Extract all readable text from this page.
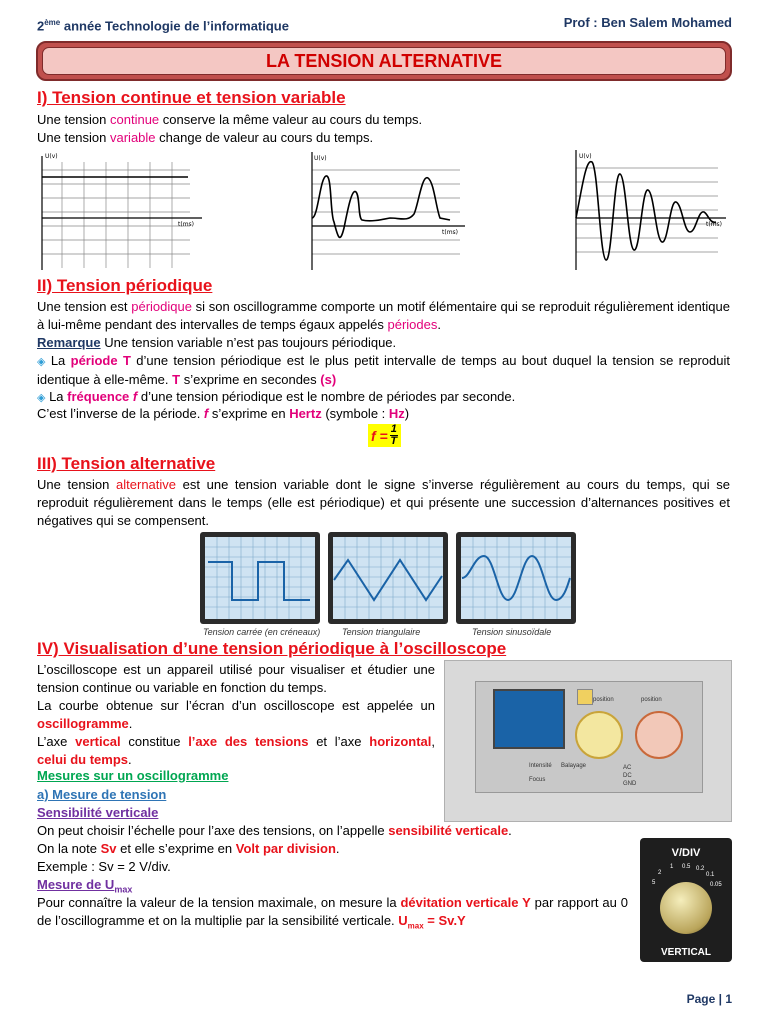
2ème année Technologie de l’informatique	Prof : Ben Salem Mohamed
LA TENSION ALTERNATIVE
I) Tension continue et tension variable
Une tension continue conserve la même valeur au cours du temps.
Une tension variable change de valeur au cours du temps.
U(v)
t(ms)
U(v)
t(ms)
U(v)
t(ms)
II) Tension périodique
Une tension est périodique si son oscillogramme comporte un motif élémentaire qui se reproduit régulièrement identique à lui-même pendant des intervalles de temps égaux appelés périodes.
Remarque Une tension variable n’est pas toujours périodique.
◈ La période T d’une tension périodique est le plus petit intervalle de temps au bout duquel la tension se reproduit identique à elle-même. T s’exprime en secondes (s)
◈ La fréquence f d’une tension périodique est le nombre de périodes par seconde.
C’est l’inverse de la période. f s’exprime en Hertz (symbole : Hz)
$f = \frac{1}{T}$
III) Tension alternative
Une tension alternative est une tension variable dont le signe s’inverse régulièrement au cours du temps, qui se reproduit régulièrement dans le temps (elle est périodique) et qui présente une succession d’alternances positives et négatives qui se compensent.
Tension carrée (en créneaux) Tension triangulaire	Tension sinusoïdale
IV) Visualisation d’une tension périodique à l’oscilloscope
L’oscilloscope est un appareil utilisé pour visualiser et étudier une tension continue ou variable en fonction du temps.
La courbe obtenue sur l’écran d’un oscilloscope est appelée un oscillogramme.
L’axe vertical constitue l’axe des tensions et l’axe horizontal, celui du temps.
Mesures sur un oscillogramme
a) Mesure de tension
Sensibilité verticale
On peut choisir l’échelle pour l’axe des tensions, on l’appelle sensibilité verticale.
On la note Sv et elle s’exprime en Volt par division.
Exemple : Sv = 2 V/div.
Mesure de $U_{max}$
Pour connaître la valeur de la tension maximale, on mesure la dévitation verticale Y par rapport au 0 de l’oscillogramme et on la multiplie par la sensibilité verticale. $U_{max} = Sv.Y$
position	position
Intensité
Focus
Balayage	AC
DC
GND
V/DIV
1 0.5 0.2
0.1
0.05
2
5
VERTICAL
Page | 1
